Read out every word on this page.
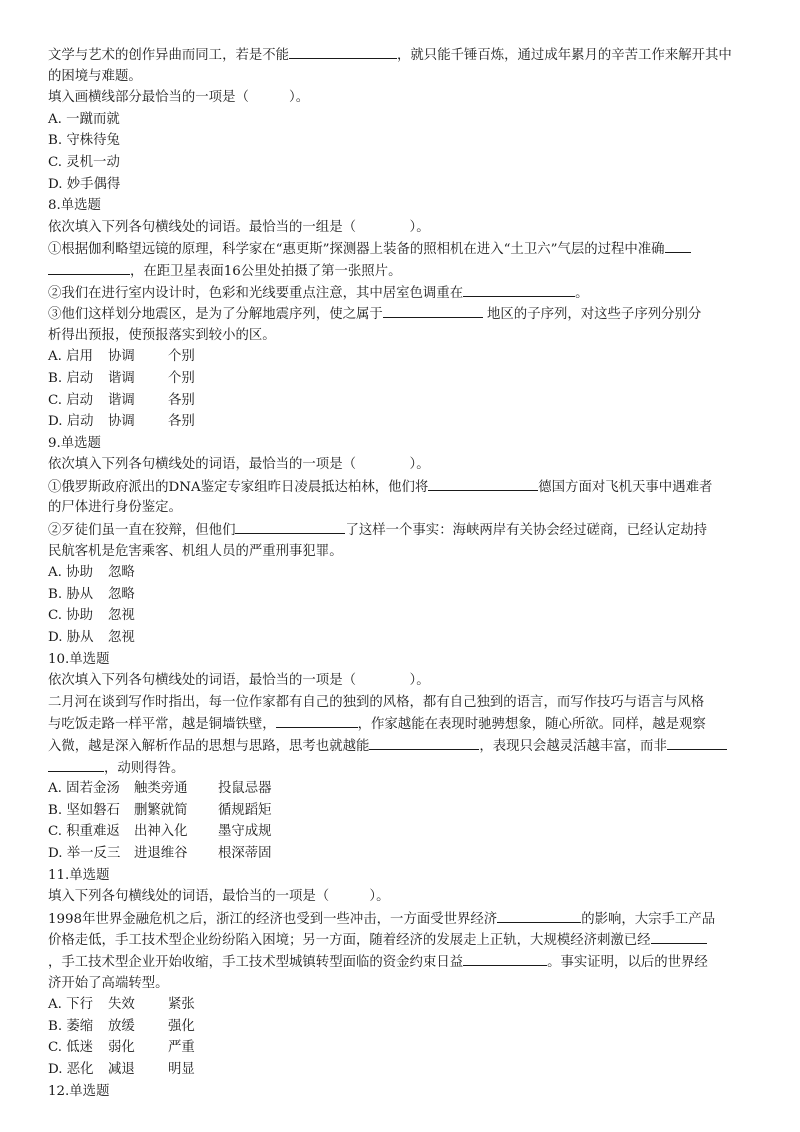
文学与艺术的创作异曲而同工，若是不能	，就只能千锤百炼，通过成年累月的辛苦工作来解开其中
的困境与难题。
填入画横线部分最恰当的一项是（　　　）。
A. 一蹴而就
B. 守株待兔
C. 灵机一动
D. 妙手偶得
8.单选题
依次填入下列各句横线处的词语。最恰当的一组是（　　　　）。
①根据伽利略望远镜的原理，科学家在“惠更斯”探测器上装备的照相机在进入“土卫六”气层的过程中准确
，在距卫星表面16公里处拍摄了第一张照片。
②我们在进行室内设计时，色彩和光线要重点注意，其中居室色调重在	。
③他们这样划分地震区，是为了分解地震序列，使之属于	地区的子序列，对这些子序列分别分
析得出预报，使预报落实到较小的区。
A. 启用 协调 个别
B. 启动 谐调 个别
C. 启动 谐调 各别
D. 启动 协调 各别
9.单选题
依次填入下列各句横线处的词语，最恰当的一项是（　　　　）。
①俄罗斯政府派出的DNA鉴定专家组昨日凌晨抵达柏林，他们将	德国方面对飞机天事中遇难者
的尸体进行身份鉴定。
②歹徒们虽一直在狡辩，但他们	了这样一个事实：海峡两岸有关协会经过磋商，已经认定劫持
民航客机是危害乘客、机组人员的严重刑事犯罪。
A. 协助 忽略
B. 胁从 忽略
C. 协助 忽视
D. 胁从 忽视
10.单选题
依次填入下列各句横线处的词语，最恰当的一项是（　　　　）。
二月河在谈到写作时指出，每一位作家都有自己的独到的风格，都有自己独到的语言，而写作技巧与语言与风格
与吃饭走路一样平常，越是铜墙铁壁，	，作家越能在表现时驰骋想象，随心所欲。同样，越是观察
入微，越是深入解析作品的思想与思路，思考也就越能	，表现只会越灵活越丰富，而非
，动则得咎。
A. 固若金汤 触类旁通 投鼠忌器
B. 坚如磐石 删繁就简 循规蹈矩
C. 积重难返 出神入化 墨守成规
D. 举一反三 进退维谷 根深蒂固
11.单选题
填入下列各句横线处的词语，最恰当的一项是（　　　）。
1998年世界金融危机之后，浙江的经济也受到一些冲击，一方面受世界经济	的影响，大宗手工产品
价格走低，手工技术型企业纷纷陷入困境；另一方面，随着经济的发展走上正轨，大规模经济刺激已经
，手工技术型企业开始收缩，手工技术型城镇转型面临的资金约束日益	。事实证明，以后的世界经
济开始了高端转型。
A. 下行 失效 紧张
B. 萎缩 放缓 强化
C. 低迷 弱化 严重
D. 恶化 减退 明显
12.单选题
